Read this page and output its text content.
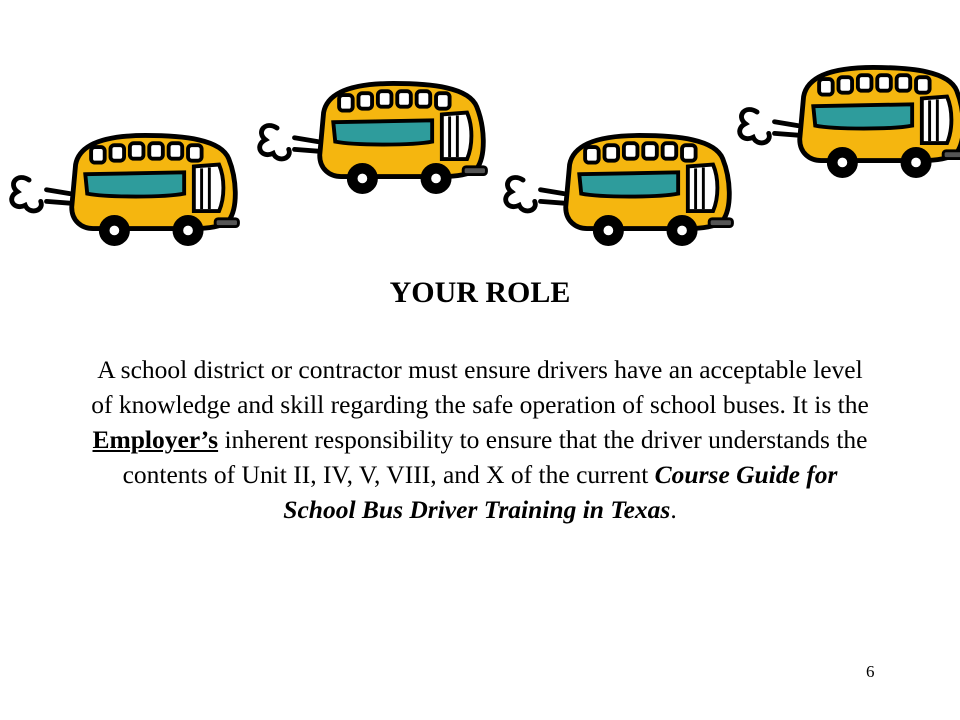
YOUR ROLE

A school district or contractor must ensure drivers have an acceptable level of knowledge and skill regarding the safe operation of school buses. It is the Employer’s inherent responsibility to ensure that the driver understands the contents of Unit II, IV, V, VIII, and X of the current Course Guide for School Bus Driver Training in Texas.

6
